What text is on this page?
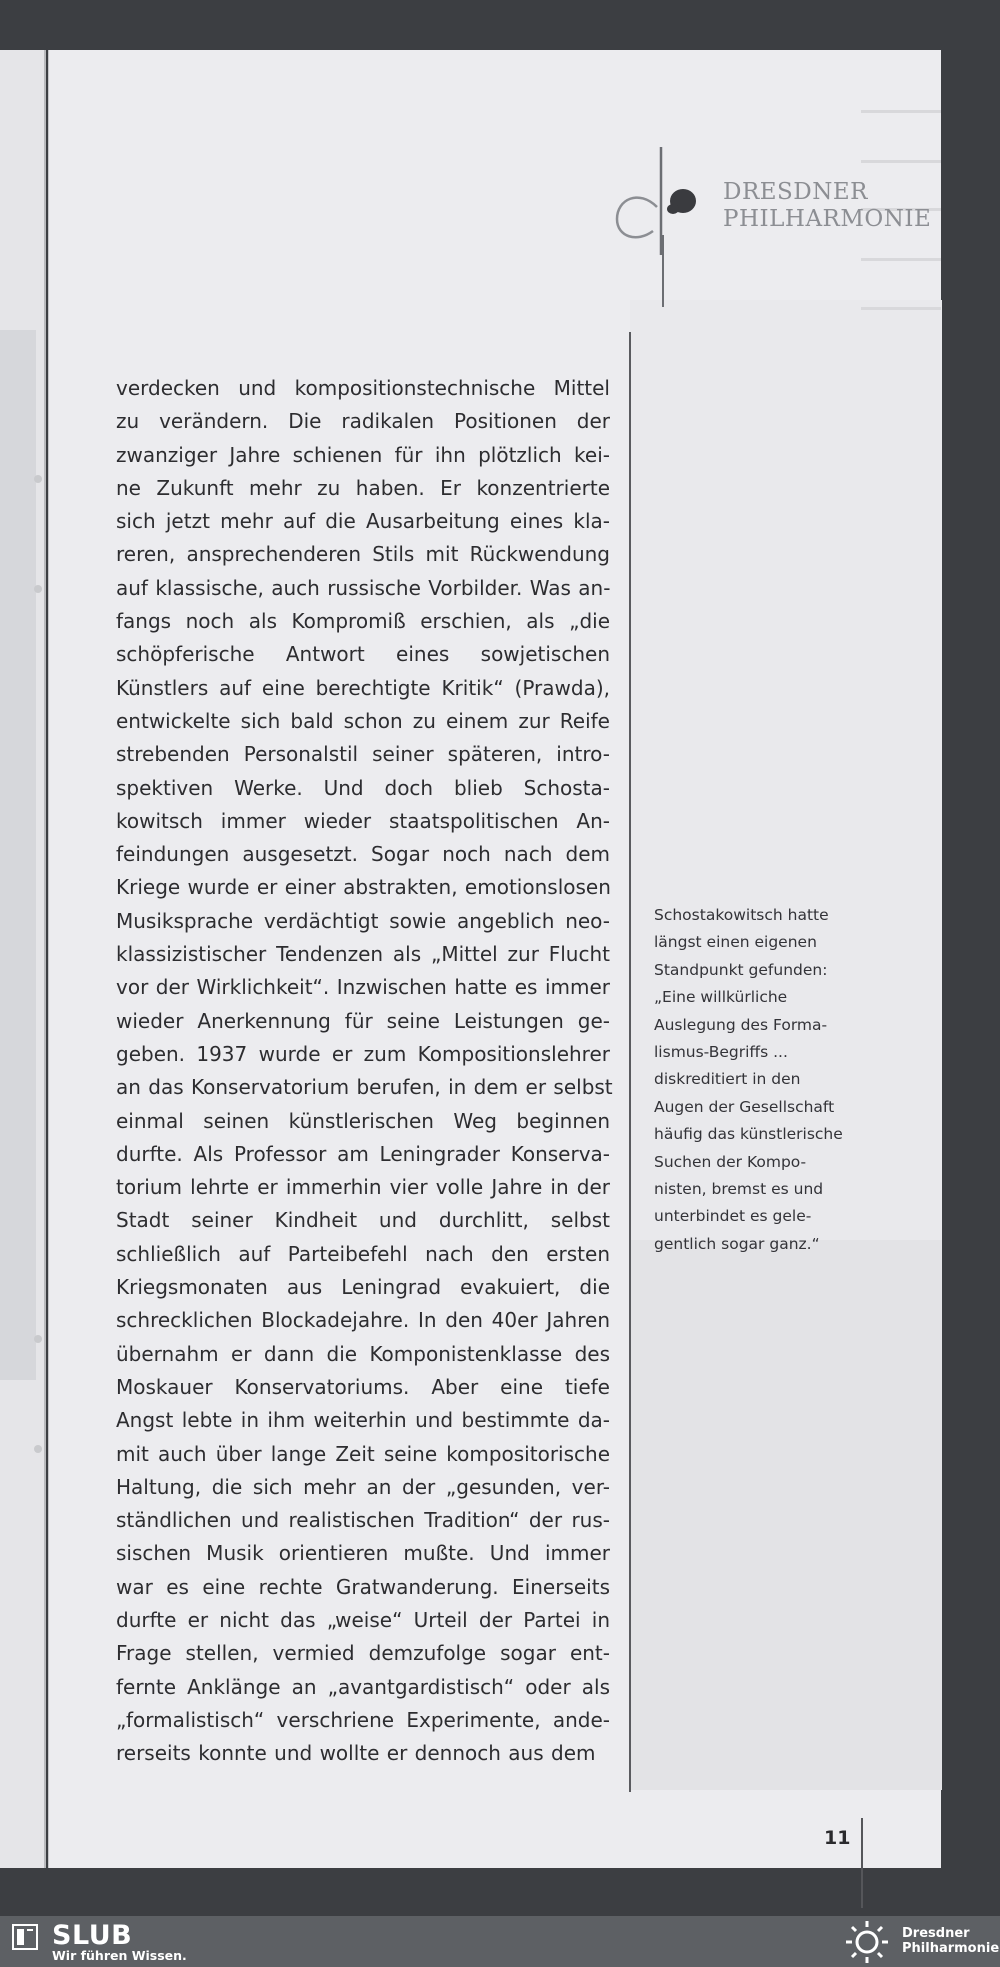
DRESDNER
PHILHARMONIE
verdecken und kompositionstechnische Mittel
zu verändern. Die radikalen Positionen der
zwanziger Jahre schienen für ihn plötzlich kei-
ne Zukunft mehr zu haben. Er konzentrierte
sich jetzt mehr auf die Ausarbeitung eines kla-
reren, ansprechenderen Stils mit Rückwendung
auf klassische, auch russische Vorbilder. Was an-
fangs noch als Kompromiß erschien, als „die
schöpferische Antwort eines sowjetischen
Künstlers auf eine berechtigte Kritik“ (Prawda),
entwickelte sich bald schon zu einem zur Reife
strebenden Personalstil seiner späteren, intro-
spektiven Werke. Und doch blieb Schosta-
kowitsch immer wieder staatspolitischen An-
feindungen ausgesetzt. Sogar noch nach dem
Kriege wurde er einer abstrakten, emotionslosen
Musiksprache verdächtigt sowie angeblich neo-
klassizistischer Tendenzen als „Mittel zur Flucht
vor der Wirklichkeit“. Inzwischen hatte es immer
wieder Anerkennung für seine Leistungen ge-
geben. 1937 wurde er zum Kompositionslehrer
an das Konservatorium berufen, in dem er selbst
einmal seinen künstlerischen Weg beginnen
durfte. Als Professor am Leningrader Konserva-
torium lehrte er immerhin vier volle Jahre in der
Stadt seiner Kindheit und durchlitt, selbst
schließlich auf Parteibefehl nach den ersten
Kriegsmonaten aus Leningrad evakuiert, die
schrecklichen Blockadejahre. In den 40er Jahren
übernahm er dann die Komponistenklasse des
Moskauer Konservatoriums. Aber eine tiefe
Angst lebte in ihm weiterhin und bestimmte da-
mit auch über lange Zeit seine kompositorische
Haltung, die sich mehr an der „gesunden, ver-
ständlichen und realistischen Tradition“ der rus-
sischen Musik orientieren mußte. Und immer
war es eine rechte Gratwanderung. Einerseits
durfte er nicht das „weise“ Urteil der Partei in
Frage stellen, vermied demzufolge sogar ent-
fernte Anklänge an „avantgardistisch“ oder als
„formalistisch“ verschriene Experimente, ande-
rerseits konnte und wollte er dennoch aus dem
Schostakowitsch hatte
längst einen eigenen
Standpunkt gefunden:
„Eine willkürliche
Auslegung des Forma-
lismus-Begriffs ...
diskreditiert in den
Augen der Gesellschaft
häufig das künstlerische
Suchen der Kompo-
nisten, bremst es und
unterbindet es gele-
gentlich sogar ganz.“
11
SLUB
Wir führen Wissen.
Dresdner
Philharmonie
